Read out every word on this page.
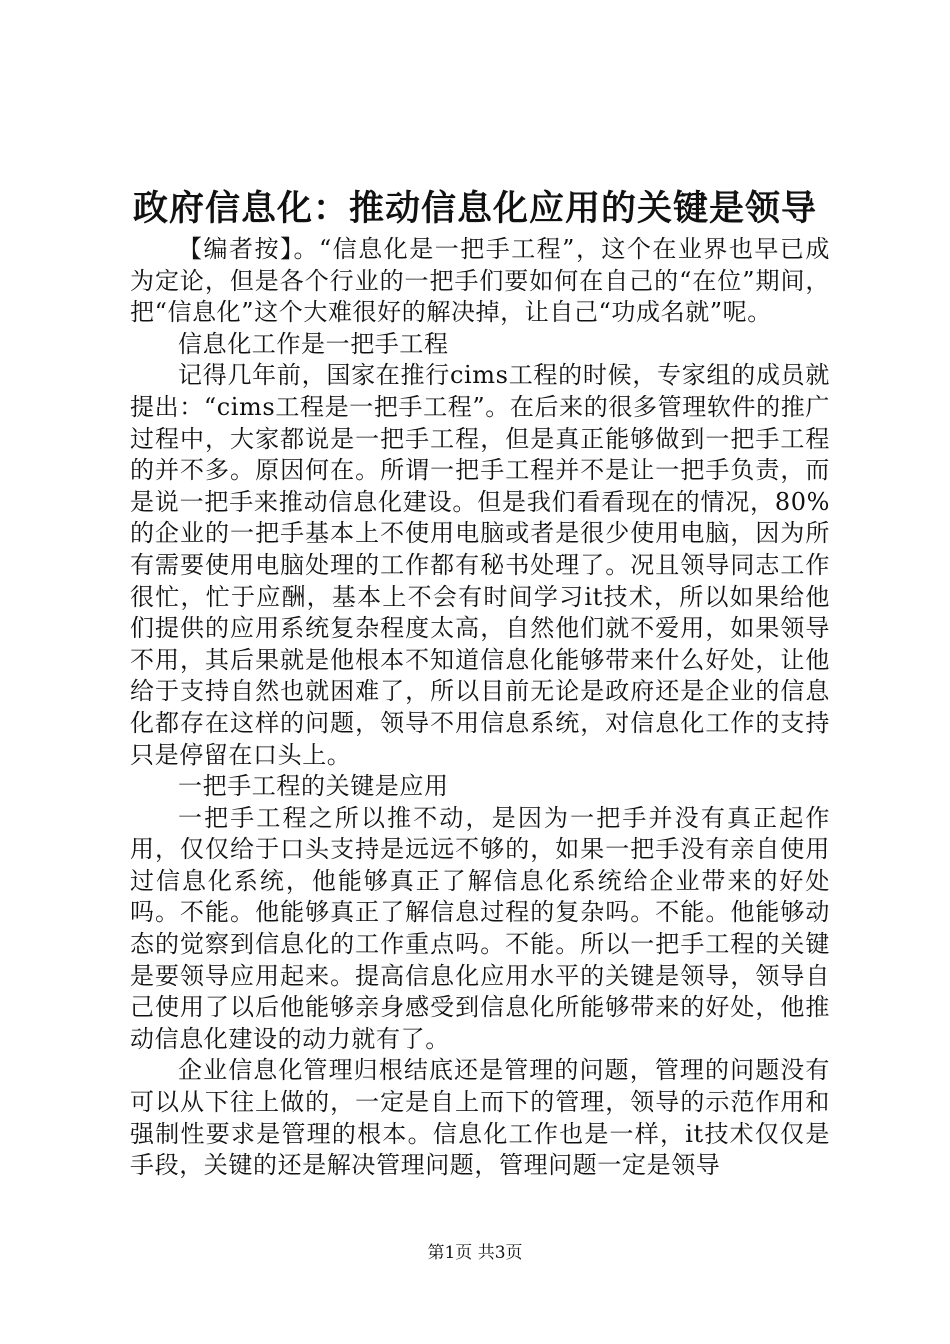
政府信息化：推动信息化应用的关键是领导

【编者按】。“信息化是一把手工程”，这个在业界也早已成为定论，但是各个行业的一把手们要如何在自己的“在位”期间，把“信息化”这个大难很好的解决掉，让自己“功成名就”呢。

信息化工作是一把手工程

记得几年前，国家在推行cims工程的时候，专家组的成员就提出：“cims工程是一把手工程”。在后来的很多管理软件的推广过程中，大家都说是一把手工程，但是真正能够做到一把手工程的并不多。原因何在。所谓一把手工程并不是让一把手负责，而是说一把手来推动信息化建设。但是我们看看现在的情况，80%的企业的一把手基本上不使用电脑或者是很少使用电脑，因为所有需要使用电脑处理的工作都有秘书处理了。况且领导同志工作很忙，忙于应酬，基本上不会有时间学习it技术，所以如果给他们提供的应用系统复杂程度太高，自然他们就不爱用，如果领导不用，其后果就是他根本不知道信息化能够带来什么好处，让他给于支持自然也就困难了，所以目前无论是政府还是企业的信息化都存在这样的问题，领导不用信息系统，对信息化工作的支持只是停留在口头上。

一把手工程的关键是应用

一把手工程之所以推不动，是因为一把手并没有真正起作用，仅仅给于口头支持是远远不够的，如果一把手没有亲自使用过信息化系统，他能够真正了解信息化系统给企业带来的好处吗。不能。他能够真正了解信息过程的复杂吗。不能。他能够动态的觉察到信息化的工作重点吗。不能。所以一把手工程的关键是要领导应用起来。提高信息化应用水平的关键是领导，领导自己使用了以后他能够亲身感受到信息化所能够带来的好处，他推动信息化建设的动力就有了。

企业信息化管理归根结底还是管理的问题，管理的问题没有可以从下往上做的，一定是自上而下的管理，领导的示范作用和强制性要求是管理的根本。信息化工作也是一样，it技术仅仅是手段，关键的还是解决管理问题，管理问题一定是领导

第1页 共3页
